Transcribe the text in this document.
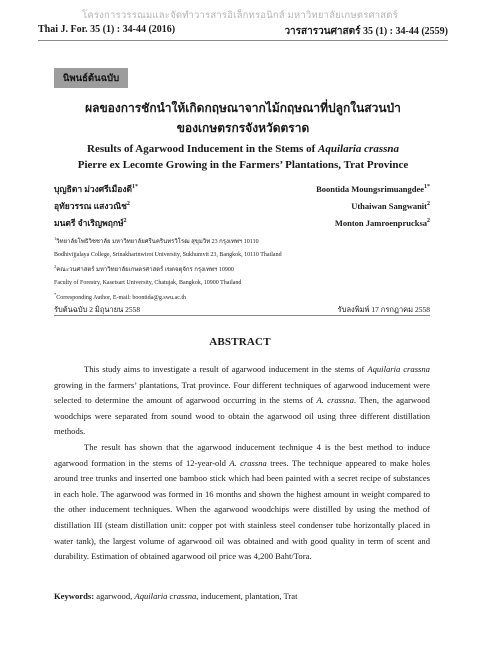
โครงการวรรณมและจัดทำวารสารอิเล็กทรอนิกส์ มหาวิทยาลัยเกษตรศาสตร์
Thai J. For. 35 (1) : 34-44 (2016)	วารสารวนศาสตร์ 35 (1) : 34-44 (2559)
นิพนธ์ต้นฉบับ
ผลของการชักนำให้เกิดกฤษณาจากไม้กฤษณาที่ปลูกในสวนป่า
ของเกษตรกรจังหวัดตราด
Results of Agarwood Inducement in the Stems of Aquilaria crassna
Pierre ex Lecomte Growing in the Farmers’ Plantations, Trat Province
บุญธิดา ม่วงศรีเมืองดี$^{1*}$	Boontida Moungsrimuangdee$^{1*}$
อุทัยวรรณ แสงวณิช$^2$	Uthaiwan Sangwanit$^2$
มนตรี จำเริญพฤกษ์$^2$	Monton Jamroenprucksa$^2$
$^1$วิทยาลัยโพธิวิชชาลัย มหาวิทยาลัยศรีนครินทรวิโรฒ สุขุมวิท 23 กรุงเทพฯ 10110
Bodhivijjalaya College, Srinakharinwirot University, Sukhumvit 23, Bangkok, 10110 Thailand
$^2$คณะวนศาสตร์ มหาวิทยาลัยเกษตรศาสตร์ เขตจตุจักร กรุงเทพฯ 10900
Faculty of Forestry, Kasetsart University, Chatujak, Bangkok, 10900 Thailand
*Corresponding Author, E-mail: boontida@g.swu.ac.th
รับต้นฉบับ 2 มิถุนายน 2558	รับลงพิมพ์ 17 กรกฎาคม 2558
ABSTRACT

This study aims to investigate a result of agarwood inducement in the stems of Aquilaria crassna growing in the farmers’ plantations, Trat province. Four different techniques of agarwood inducement were selected to determine the amount of agarwood occurring in the stems of A. crassna. Then, the agarwood woodchips were separated from sound wood to obtain the agarwood oil using three different distillation methods.

The result has shown that the agarwood inducement technique 4 is the best method to induce agarwood formation in the stems of 12-year-old A. crassna trees. The technique appeared to make holes around tree trunks and inserted one bamboo stick which had been painted with a secret recipe of substances in each hole. The agarwood was formed in 16 months and shown the highest amount in weight compared to the other inducement techniques. When the agarwood woodchips were distilled by using the method of distillation III (steam distillation unit: copper pot with stainless steel condenser tube horizontally placed in water tank), the largest volume of agarwood oil was obtained and with good quality in term of scent and durability. Estimation of obtained agarwood oil price was 4,200 Baht/Tora.

Keywords: agarwood, Aquilaria crassna, inducement, plantation, Trat
